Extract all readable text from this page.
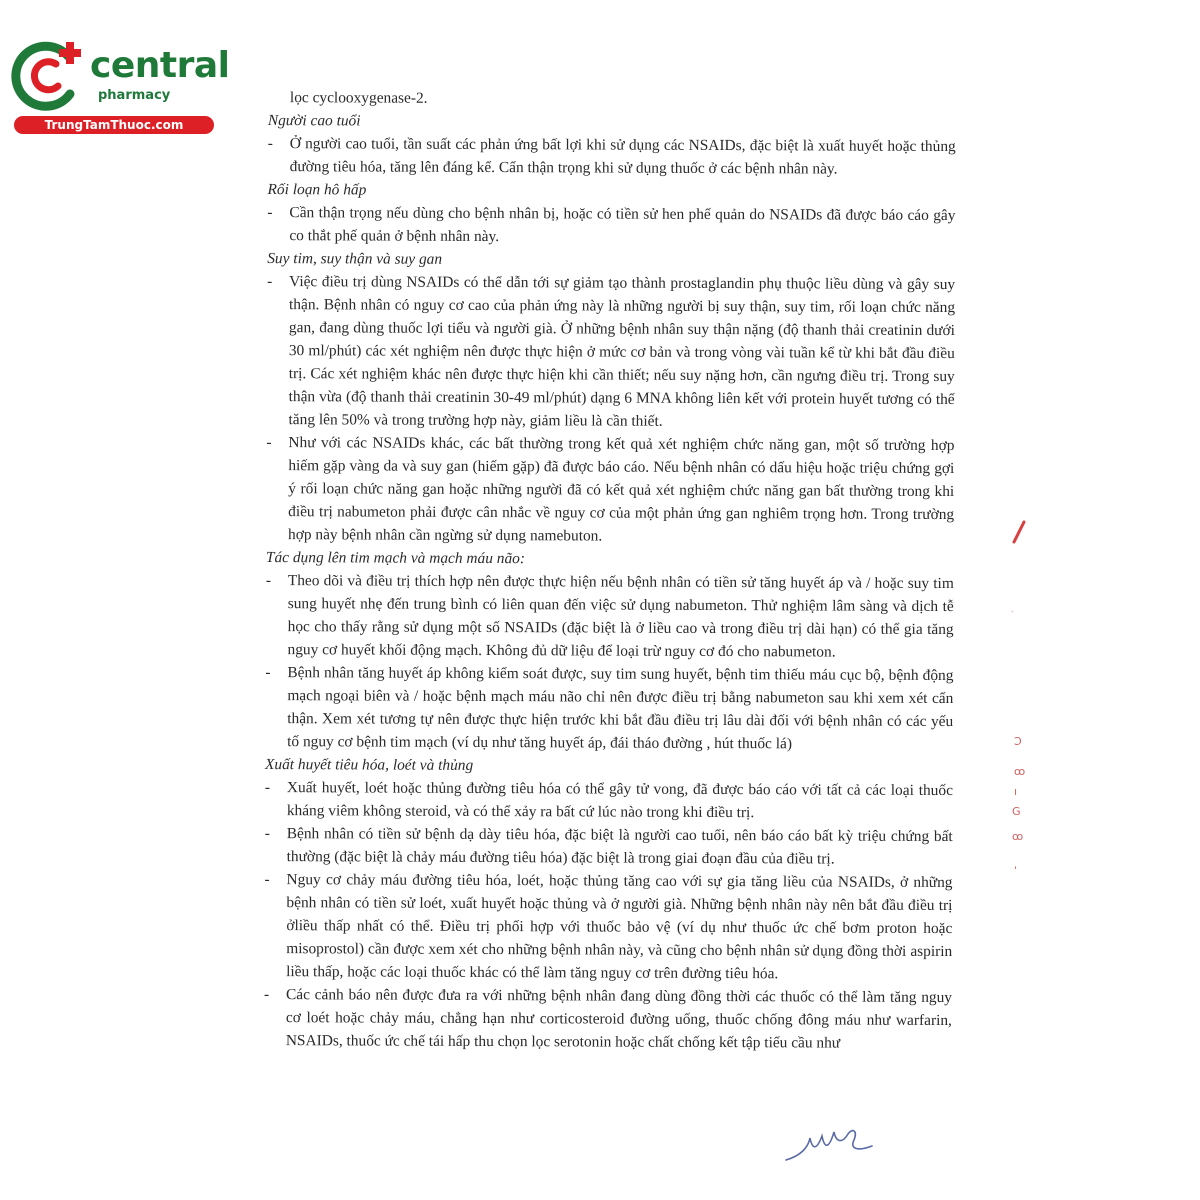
central
pharmacy
TrungTamThuoc.com
lọc cyclooxygenase-2.
Người cao tuổi
- Ở người cao tuổi, tần suất các phản ứng bất lợi khi sử dụng các NSAIDs, đặc biệt là xuất huyết hoặc thủng đường tiêu hóa, tăng lên đáng kể. Cẩn thận trọng khi sử dụng thuốc ở các bệnh nhân này.
Rối loạn hô hấp
- Cần thận trọng nếu dùng cho bệnh nhân bị, hoặc có tiền sử hen phế quản do NSAIDs đã được báo cáo gây co thắt phế quản ở bệnh nhân này.
Suy tim, suy thận và suy gan
- Việc điều trị dùng NSAIDs có thể dẫn tới sự giảm tạo thành prostaglandin phụ thuộc liều dùng và gây suy thận. Bệnh nhân có nguy cơ cao của phản ứng này là những người bị suy thận, suy tim, rối loạn chức năng gan, đang dùng thuốc lợi tiểu và người già. Ở những bệnh nhân suy thận nặng (độ thanh thải creatinin dưới 30 ml/phút) các xét nghiệm nên được thực hiện ở mức cơ bản và trong vòng vài tuần kể từ khi bắt đầu điều trị. Các xét nghiệm khác nên được thực hiện khi cần thiết; nếu suy nặng hơn, cần ngưng điều trị. Trong suy thận vừa (độ thanh thải creatinin 30-49 ml/phút) dạng 6 MNA không liên kết với protein huyết tương có thể tăng lên 50% và trong trường hợp này, giảm liều là cần thiết.
- Như với các NSAIDs khác, các bất thường trong kết quả xét nghiệm chức năng gan, một số trường hợp hiếm gặp vàng da và suy gan (hiếm gặp) đã được báo cáo. Nếu bệnh nhân có dấu hiệu hoặc triệu chứng gợi ý rối loạn chức năng gan hoặc những người đã có kết quả xét nghiệm chức năng gan bất thường trong khi điều trị nabumeton phải được cân nhắc về nguy cơ của một phản ứng gan nghiêm trọng hơn. Trong trường hợp này bệnh nhân cần ngừng sử dụng namebuton.
Tác dụng lên tim mạch và mạch máu não:
- Theo dõi và điều trị thích hợp nên được thực hiện nếu bệnh nhân có tiền sử tăng huyết áp và / hoặc suy tim sung huyết nhẹ đến trung bình có liên quan đến việc sử dụng nabumeton. Thử nghiệm lâm sàng và dịch tễ học cho thấy rằng sử dụng một số NSAIDs (đặc biệt là ở liều cao và trong điều trị dài hạn) có thể gia tăng nguy cơ huyết khối động mạch. Không đủ dữ liệu để loại trừ nguy cơ đó cho nabumeton.
- Bệnh nhân tăng huyết áp không kiểm soát được, suy tim sung huyết, bệnh tim thiếu máu cục bộ, bệnh động mạch ngoại biên và / hoặc bệnh mạch máu não chỉ nên được điều trị bằng nabumeton sau khi xem xét cẩn thận. Xem xét tương tự nên được thực hiện trước khi bắt đầu điều trị lâu dài đối với bệnh nhân có các yếu tố nguy cơ bệnh tim mạch (ví dụ như tăng huyết áp, đái tháo đường , hút thuốc lá)
Xuất huyết tiêu hóa, loét và thủng
- Xuất huyết, loét hoặc thủng đường tiêu hóa có thể gây tử vong, đã được báo cáo với tất cả các loại thuốc kháng viêm không steroid, và có thể xảy ra bất cứ lúc nào trong khi điều trị.
- Bệnh nhân có tiền sử bệnh dạ dày tiêu hóa, đặc biệt là người cao tuổi, nên báo cáo bất kỳ triệu chứng bất thường (đặc biệt là chảy máu đường tiêu hóa) đặc biệt là trong giai đoạn đầu của điều trị.
- Nguy cơ chảy máu đường tiêu hóa, loét, hoặc thủng tăng cao với sự gia tăng liều của NSAIDs, ở những bệnh nhân có tiền sử loét, xuất huyết hoặc thủng và ở người già. Những bệnh nhân này nên bắt đầu điều trị ởliều thấp nhất có thể. Điều trị phối hợp với thuốc bảo vệ (ví dụ như thuốc ức chế bơm proton hoặc misoprostol) cần được xem xét cho những bệnh nhân này, và cũng cho bệnh nhân sử dụng đồng thời aspirin liều thấp, hoặc các loại thuốc khác có thể làm tăng nguy cơ trên đường tiêu hóa.
- Các cảnh báo nên được đưa ra với những bệnh nhân đang dùng đồng thời các thuốc có thể làm tăng nguy cơ loét hoặc chảy máu, chẳng hạn như corticosteroid đường uống, thuốc chống đông máu như warfarin, NSAIDs, thuốc ức chế tái hấp thu chọn lọc serotonin hoặc chất chống kết tập tiểu cầu như
ˎ
Ͻ
ꝏ
ı
G
ꝏ
ʹ
